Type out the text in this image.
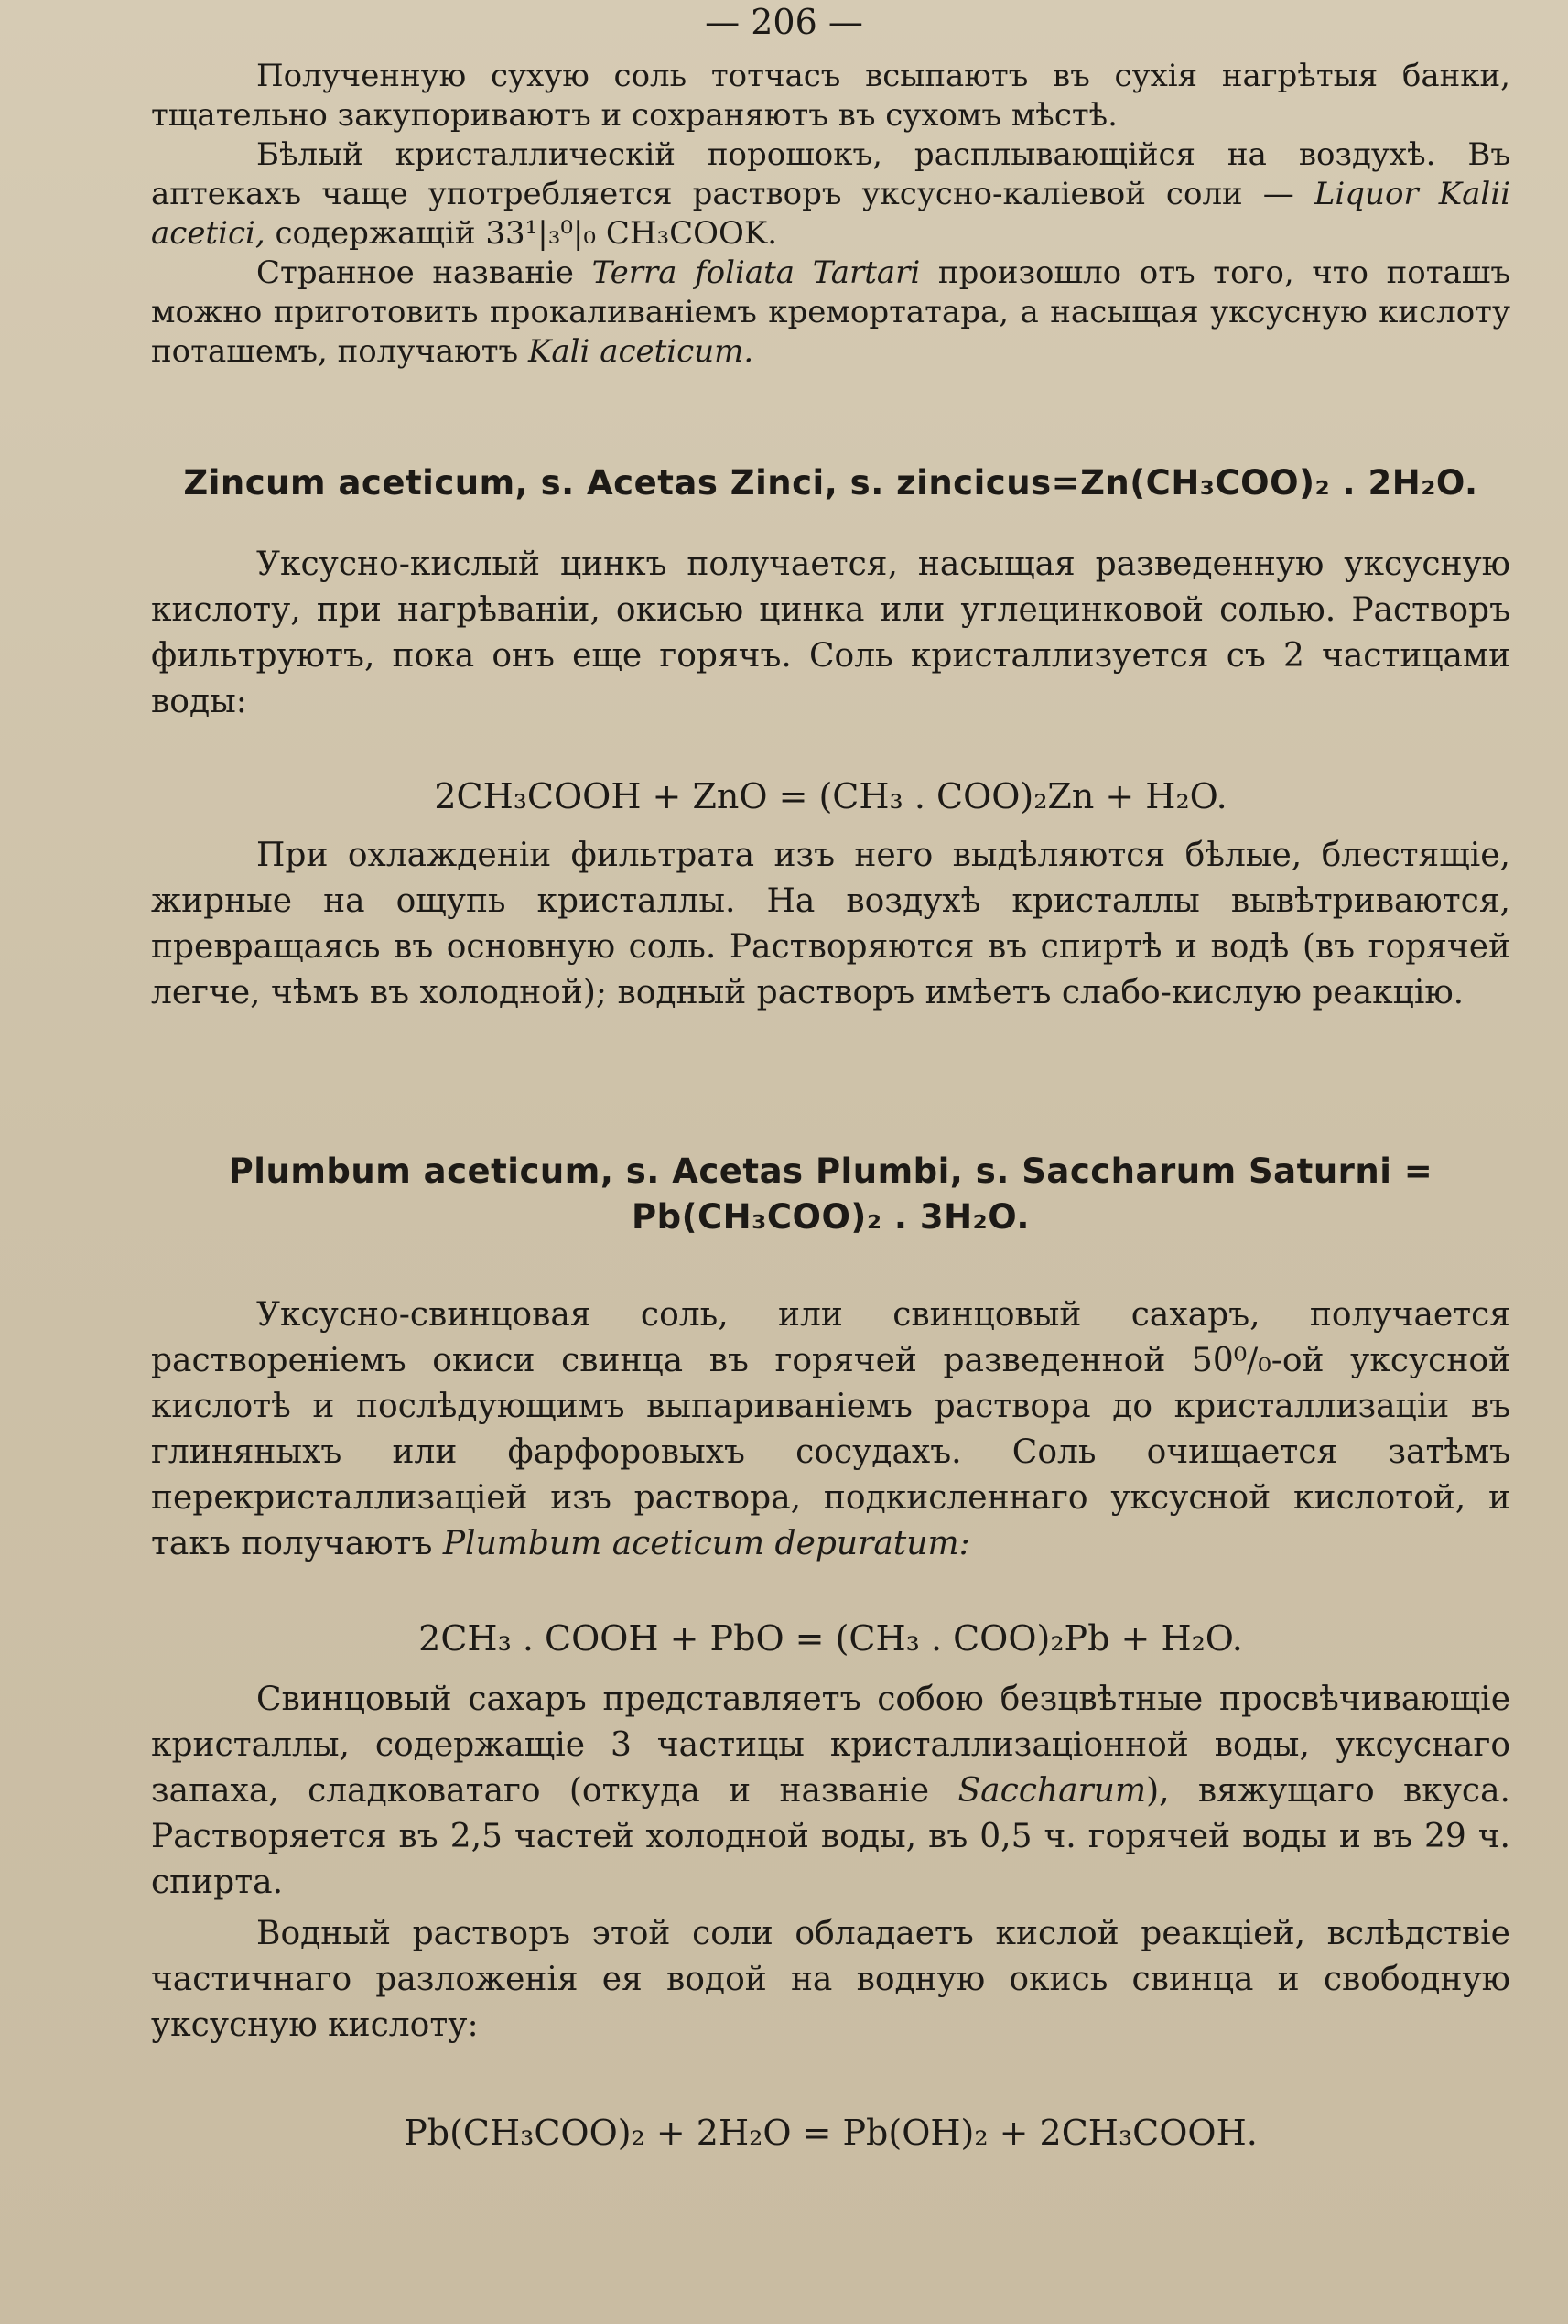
— 206 —

Полученную сухую соль тотчасъ всыпаютъ въ сухія нагрѣтыя банки, тщательно закупориваютъ и сохраняютъ въ сухомъ мѣстѣ.

Бѣлый кристаллическій порошокъ, расплывающійся на воздухѣ. Въ аптекахъ чаще употребляется растворъ уксусно-каліевой соли — Liquor Kalii acetici, содержащій 33¹|₃⁰|₀ CH₃COOK.

Странное названіе Terra foliata Tartari произошло отъ того, что поташъ можно приготовить прокаливаніемъ кремортатара, а насыщая уксусную кислоту поташемъ, получаютъ Kali aceticum.

Zincum aceticum, s. Acetas Zinci, s. zincicus=Zn(CH₃COO)₂ . 2H₂O.

Уксусно-кислый цинкъ получается, насыщая разведенную уксусную кислоту, при нагрѣваніи, окисью цинка или углецинковой солью. Растворъ фильтруютъ, пока онъ еще горячъ. Соль кристаллизуется съ 2 частицами воды:

2CH₃COOH + ZnO = (CH₃ . COO)₂Zn + H₂O.

При охлажденіи фильтрата изъ него выдѣляются бѣлые, блестящіе, жирные на ощупь кристаллы. На воздухѣ кристаллы вывѣтриваются, превращаясь въ основную соль. Растворяются въ спиртѣ и водѣ (въ горячей легче, чѣмъ въ холодной); водный растворъ имѣетъ слабо-кислую реакцію.

Plumbum aceticum, s. Acetas Plumbi, s. Saccharum Saturni =

Pb(CH₃COO)₂ . 3H₂O.

Уксусно-свинцовая соль, или свинцовый сахаръ, получается растворенiемъ окиси свинца въ горячей разведенной 50⁰/₀-ой уксусной кислотѣ и послѣдующимъ выпариваніемъ раствора до кристаллизаціи въ глиняныхъ или фарфоровыхъ сосудахъ. Соль очищается затѣмъ перекристаллизаціей изъ раствора, подкисленнаго уксусной кислотой, и такъ получаютъ Plumbum aceticum depuratum:

2CH₃ . COOH + PbO = (CH₃ . COO)₂Pb + H₂O.

Свинцовый сахаръ представляетъ собою безцвѣтные просвѣчивающіе кристаллы, содержащіе 3 частицы кристаллизаціонной воды, уксуснаго запаха, сладковатаго (откуда и названіе Saccharum), вяжущаго вкуса. Растворяется въ 2,5 частей холодной воды, въ 0,5 ч. горячей воды и въ 29 ч. спирта.

Водный растворъ этой соли обладаетъ кислой реакціей, вслѣдствіе частичнаго разложенія ея водой на водную окись свинца и свободную уксусную кислоту:

Pb(CH₃COO)₂ + 2H₂O = Pb(OH)₂ + 2CH₃COOH.
